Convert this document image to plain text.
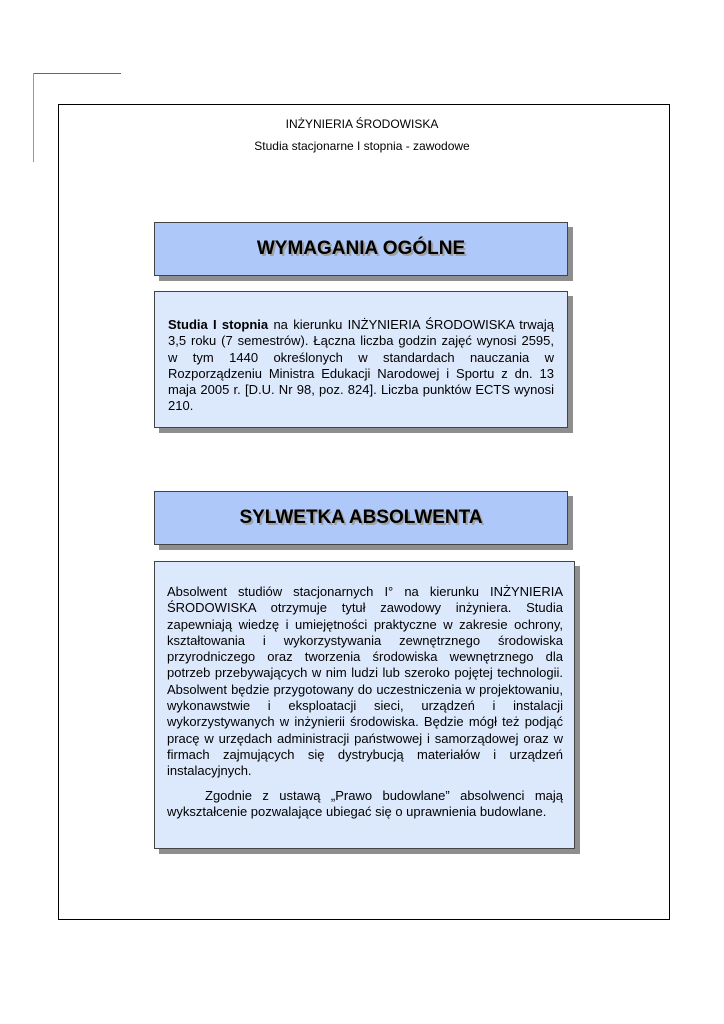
INŻYNIERIA ŚRODOWISKA
Studia stacjonarne I stopnia - zawodowe
WYMAGANIA OGÓLNE

Studia I stopnia na kierunku INŻYNIERIA ŚRODOWISKA trwają 3,5 roku (7 semestrów). Łączna liczba godzin zajęć wynosi 2595, w tym 1440 określonych w standardach nauczania w Rozporządzeniu Ministra Edukacji Narodowej i Sportu z dn. 13 maja 2005 r. [D.U. Nr 98, poz. 824]. Liczba punktów ECTS wynosi 210.

SYLWETKA ABSOLWENTA

Absolwent studiów stacjonarnych I° na kierunku INŻYNIERIA ŚRODOWISKA otrzymuje tytuł zawodowy inżyniera. Studia zapewniają wiedzę i umiejętności praktyczne w zakresie ochrony, kształtowania i wykorzystywania zewnętrznego środowiska przyrodniczego oraz tworzenia środowiska wewnętrznego dla potrzeb przebywających w nim ludzi lub szeroko pojętej technologii. Absolwent będzie przygotowany do uczestniczenia w projektowaniu, wykonawstwie i eksploatacji sieci, urządzeń i instalacji wykorzystywanych w inżynierii środowiska. Będzie mógł też podjąć pracę w urzędach administracji państwowej i samorządowej oraz w firmach zajmujących się dystrybucją materiałów i urządzeń instalacyjnych.

Zgodnie z ustawą „Prawo budowlane” absolwenci mają wykształcenie pozwalające ubiegać się o uprawnienia budowlane.
